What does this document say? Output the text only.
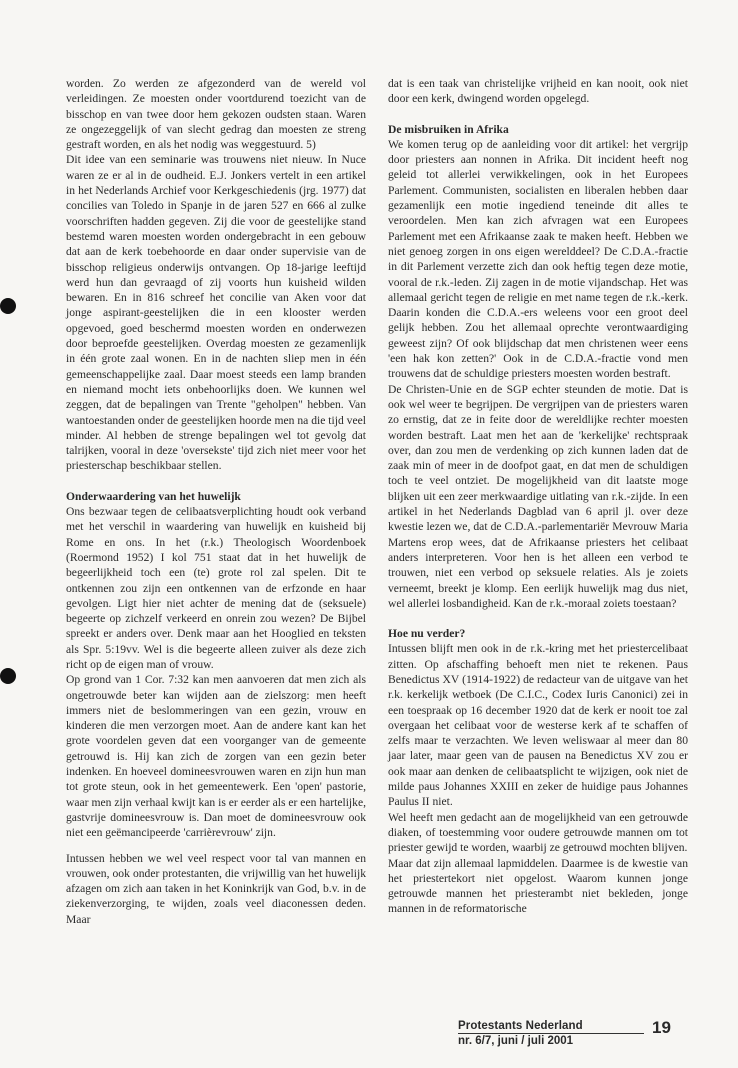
worden. Zo werden ze afgezonderd van de wereld vol verleidingen. Ze moesten onder voortdurend toezicht van de bisschop en van twee door hem gekozen oudsten staan. Waren ze ongezeggelijk of van slecht gedrag dan moesten ze streng gestraft worden, en als het nodig was weggestuurd. 5)

Dit idee van een seminarie was trouwens niet nieuw. In Nuce waren ze er al in de oudheid. E.J. Jonkers vertelt in een artikel in het Nederlands Archief voor Kerkgeschiedenis (jrg. 1977) dat concilies van Toledo in Spanje in de jaren 527 en 666 al zulke voorschriften hadden gegeven. Zij die voor de geestelijke stand bestemd waren moesten worden ondergebracht in een gebouw dat aan de kerk toebehoorde en daar onder supervisie van de bisschop religieus onderwijs ontvangen. Op 18-jarige leeftijd werd hun dan gevraagd of zij voorts hun kuisheid wilden bewaren. En in 816 schreef het concilie van Aken voor dat jonge aspirant-geestelijken die in een klooster werden opgevoed, goed beschermd moesten worden en onderwezen door beproefde geestelijken. Overdag moesten ze gezamenlijk in één grote zaal wonen. En in de nachten sliep men in één gemeenschappelijke zaal. Daar moest steeds een lamp branden en niemand mocht iets onbehoorlijks doen. We kunnen wel zeggen, dat de bepalingen van Trente "geholpen" hebben. Van wantoestanden onder de geestelijken hoorde men na die tijd veel minder. Al hebben de strenge bepalingen wel tot gevolg dat talrijken, vooral in deze 'oversekste' tijd zich niet meer voor het priesterschap beschikbaar stellen.

Onderwaardering van het huwelijk

Ons bezwaar tegen de celibaatsverplichting houdt ook verband met het verschil in waardering van huwelijk en kuisheid bij Rome en ons. In het (r.k.) Theologisch Woordenboek (Roermond 1952) I kol 751 staat dat in het huwelijk de begeerlijkheid toch een (te) grote rol zal spelen. Dit te ontkennen zou zijn een ontkennen van de erfzonde en haar gevolgen. Ligt hier niet achter de mening dat de (seksuele) begeerte op zichzelf verkeerd en onrein zou wezen? De Bijbel spreekt er anders over. Denk maar aan het Hooglied en teksten als Spr. 5:19vv. Wel is die begeerte alleen zuiver als deze zich richt op de eigen man of vrouw.

Op grond van 1 Cor. 7:32 kan men aanvoeren dat men zich als ongetrouwde beter kan wijden aan de zielszorg: men heeft immers niet de beslommeringen van een gezin, vrouw en kinderen die men verzorgen moet. Aan de andere kant kan het grote voordelen geven dat een voorganger van de gemeente getrouwd is. Hij kan zich de zorgen van een gezin beter indenken. En hoeveel domineesvrouwen waren en zijn hun man tot grote steun, ook in het gemeentewerk. Een 'open' pastorie, waar men zijn verhaal kwijt kan is er eerder als er een hartelijke, gastvrije domineesvrouw is. Dan moet de domineesvrouw ook niet een geëmancipeerde 'carrièrevrouw' zijn.

Intussen hebben we wel veel respect voor tal van mannen en vrouwen, ook onder protestanten, die vrijwillig van het huwelijk afzagen om zich aan taken in het Koninkrijk van God, b.v. in de ziekenverzorging, te wijden, zoals veel diaconessen deden. Maar

dat is een taak van christelijke vrijheid en kan nooit, ook niet door een kerk, dwingend worden opgelegd.

De misbruiken in Afrika

We komen terug op de aanleiding voor dit artikel: het vergrijp door priesters aan nonnen in Afrika. Dit incident heeft nog geleid tot allerlei verwikkelingen, ook in het Europees Parlement. Communisten, socialisten en liberalen hebben daar gezamenlijk een motie ingediend teneinde dit alles te veroordelen. Men kan zich afvragen wat een Europees Parlement met een Afrikaanse zaak te maken heeft. Hebben we niet genoeg zorgen in ons eigen werelddeel? De C.D.A.-fractie in dit Parlement verzette zich dan ook heftig tegen deze motie, vooral de r.k.-leden. Zij zagen in de motie vijandschap. Het was allemaal gericht tegen de religie en met name tegen de r.k.-kerk. Daarin konden die C.D.A.-ers weleens voor een groot deel gelijk hebben. Zou het allemaal oprechte verontwaardiging geweest zijn? Of ook blijdschap dat men christenen weer eens 'een hak kon zetten?' Ook in de C.D.A.-fractie vond men trouwens dat de schuldige priesters moesten worden bestraft.

De Christen-Unie en de SGP echter steunden de motie. Dat is ook wel weer te begrijpen. De vergrijpen van de priesters waren zo ernstig, dat ze in feite door de wereldlijke rechter moesten worden bestraft. Laat men het aan de 'kerkelijke' rechtspraak over, dan zou men de verdenking op zich kunnen laden dat de zaak min of meer in de doofpot gaat, en dat men de schuldigen toch te veel ontziet. De mogelijkheid van dit laatste moge blijken uit een zeer merkwaardige uitlating van r.k.-zijde. In een artikel in het Nederlands Dagblad van 6 april jl. over deze kwestie lezen we, dat de C.D.A.-parlementariër Mevrouw Maria Martens erop wees, dat de Afrikaanse priesters het celibaat anders interpreteren. Voor hen is het alleen een verbod te trouwen, niet een verbod op seksuele relaties. Als je zoiets verneemt, breekt je klomp. Een eerlijk huwelijk mag dus niet, wel allerlei losbandigheid. Kan de r.k.-moraal zoiets toestaan?

Hoe nu verder?

Intussen blijft men ook in de r.k.-kring met het priestercelibaat zitten. Op afschaffing behoeft men niet te rekenen. Paus Benedictus XV (1914-1922) de redacteur van de uitgave van het r.k. kerkelijk wetboek (De C.I.C., Codex Iuris Canonici) zei in een toespraak op 16 december 1920 dat de kerk er nooit toe zal overgaan het celibaat voor de westerse kerk af te schaffen of zelfs maar te verzachten. We leven weliswaar al meer dan 80 jaar later, maar geen van de pausen na Benedictus XV zou er ook maar aan denken de celibaatsplicht te wijzigen, ook niet de milde paus Johannes XXIII en zeker de huidige paus Johannes Paulus II niet.

Wel heeft men gedacht aan de mogelijkheid van een getrouwde diaken, of toestemming voor oudere getrouwde mannen om tot priester gewijd te worden, waarbij ze getrouwd mochten blijven.

Maar dat zijn allemaal lapmiddelen. Daarmee is de kwestie van het priestertekort niet opgelost. Waarom kunnen jonge getrouwde mannen het priesterambt niet bekleden, jonge mannen in de reformatorische

Protestants Nederland
nr. 6/7, juni / juli 2001
19
